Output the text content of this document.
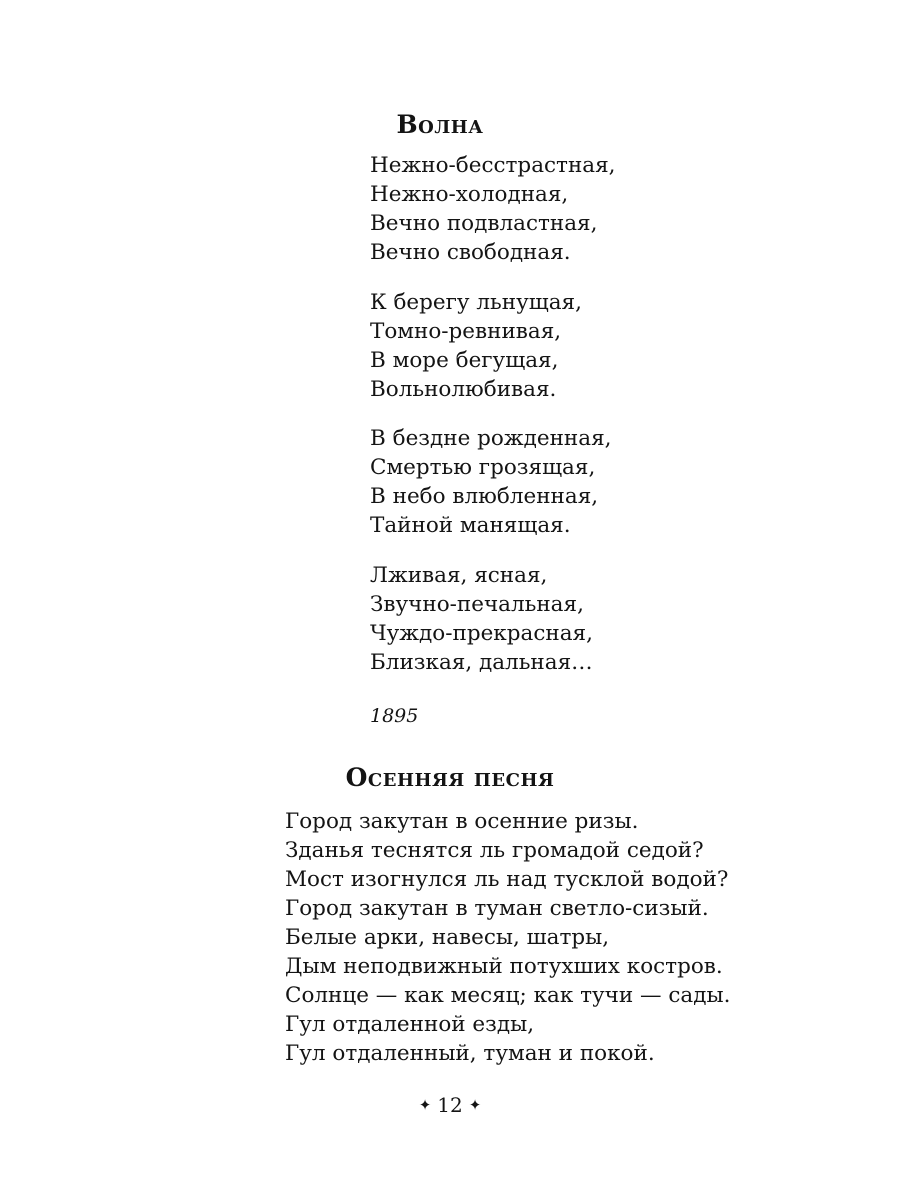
Волна
Нежно-бесстрастная,
Нежно-холодная,
Вечно подвластная,
Вечно свободная.
К берегу льнущая,
Томно-ревнивая,
В море бегущая,
Вольнолюбивая.
В бездне рожденная,
Смертью грозящая,
В небо влюбленная,
Тайной манящая.
Лживая, ясная,
Звучно-печальная,
Чуждо-прекрасная,
Близкая, дальная…
1895
Осенняя песня
Город закутан в осенние ризы.
Зданья теснятся ль громадой седой?
Мост изогнулся ль над тусклой водой?
Город закутан в туман светло-сизый.
Белые арки, навесы, шатры,
Дым неподвижный потухших костров.
Солнце — как месяц; как тучи — сады.
Гул отдаленной езды,
Гул отдаленный, туман и покой.
✦ 12 ✦
